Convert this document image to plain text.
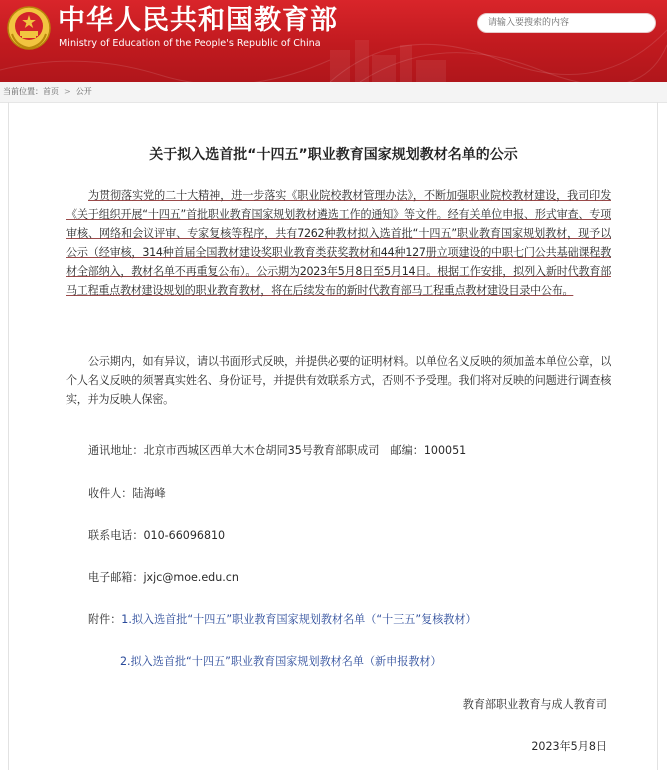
中华人民共和国教育部
Ministry of Education of the People's Republic of China
请输入要搜索的内容
当前位置：首页 > 公开
关于拟入选首批“十四五”职业教育国家规划教材名单的公示

为贯彻落实党的二十大精神，进一步落实《职业院校教材管理办法》，不断加强职业院校教材建设，我司印发《关于组织开展“十四五”首批职业教育国家规划教材遴选工作的通知》等文件。经有关单位申报、形式审查、专项审核、网络和会议评审、专家复核等程序，共有7262种教材拟入选首批“十四五”职业教育国家规划教材，现予以公示（经审核，314种首届全国教材建设奖职业教育类获奖教材和44种127册立项建设的中职七门公共基础课程教材全部纳入，教材名单不再重复公布）。公示期为2023年5月8日至5月14日。根据工作安排，拟列入新时代教育部马工程重点教材建设规划的职业教育教材，将在后续发布的新时代教育部马工程重点教材建设目录中公布。

公示期内，如有异议，请以书面形式反映，并提供必要的证明材料。以单位名义反映的须加盖本单位公章，以个人名义反映的须署真实姓名、身份证号，并提供有效联系方式，否则不予受理。我们将对反映的问题进行调查核实，并为反映人保密。

通讯地址：北京市西城区西单大木仓胡同35号教育部职成司　邮编：100051
收件人：陆海峰
联系电话：010-66096810
电子邮箱：jxjc@moe.edu.cn
附件：1.拟入选首批“十四五”职业教育国家规划教材名单（“十三五”复核教材）
2.拟入选首批“十四五”职业教育国家规划教材名单（新申报教材）
教育部职业教育与成人教育司
2023年5月8日
